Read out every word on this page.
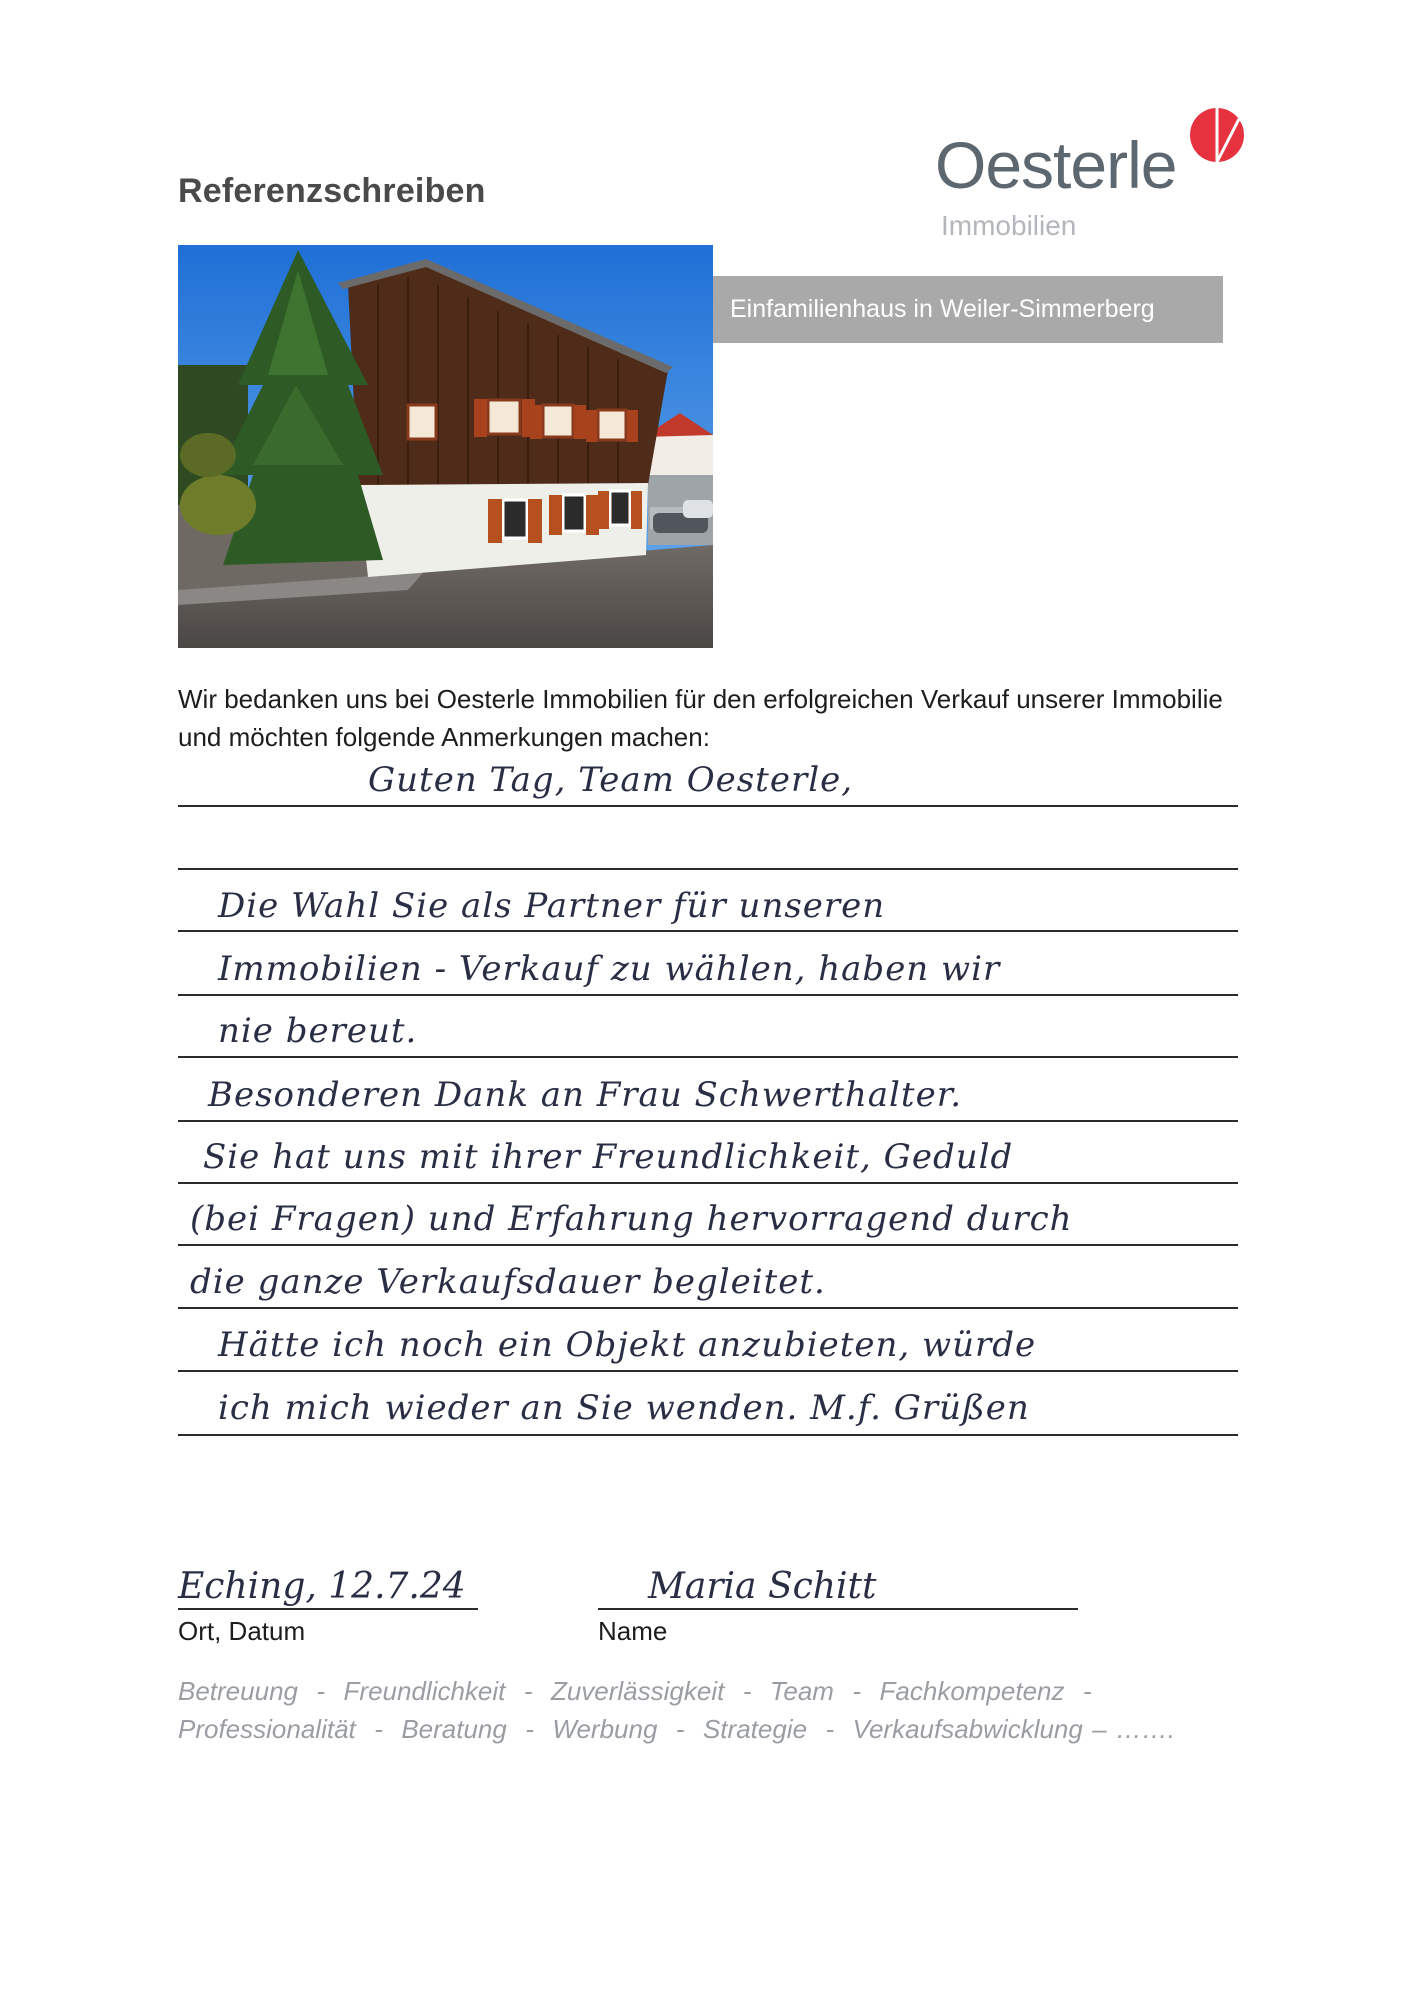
Referenzschreiben	Oesterle
Immobilien
Einfamilienhaus in Weiler-Simmerberg
Wir bedanken uns bei Oesterle Immobilien für den erfolgreichen Verkauf unserer Immobilie und möchten folgende Anmerkungen machen:
Guten Tag, Team Oesterle,
Die Wahl Sie als Partner für unseren
Immobilien - Verkauf zu wählen, haben wir
nie bereut.
Besonderen Dank an Frau Schwerthalter.
Sie hat uns mit ihrer Freundlichkeit, Geduld
(bei Fragen) und Erfahrung hervorragend durch
die ganze Verkaufsdauer begleitet.
Hätte ich noch ein Objekt anzubieten, würde
ich mich wieder an Sie wenden. M.f. Grüßen
Eching, 12.7.24
Ort, Datum
Maria Schitt
Name
Betreuung  -  Freundlichkeit  -  Zuverlässigkeit  -  Team  -  Fachkompetenz  -
Professionalität  -  Beratung  -  Werbung  -  Strategie  -  Verkaufsabwicklung – …….
